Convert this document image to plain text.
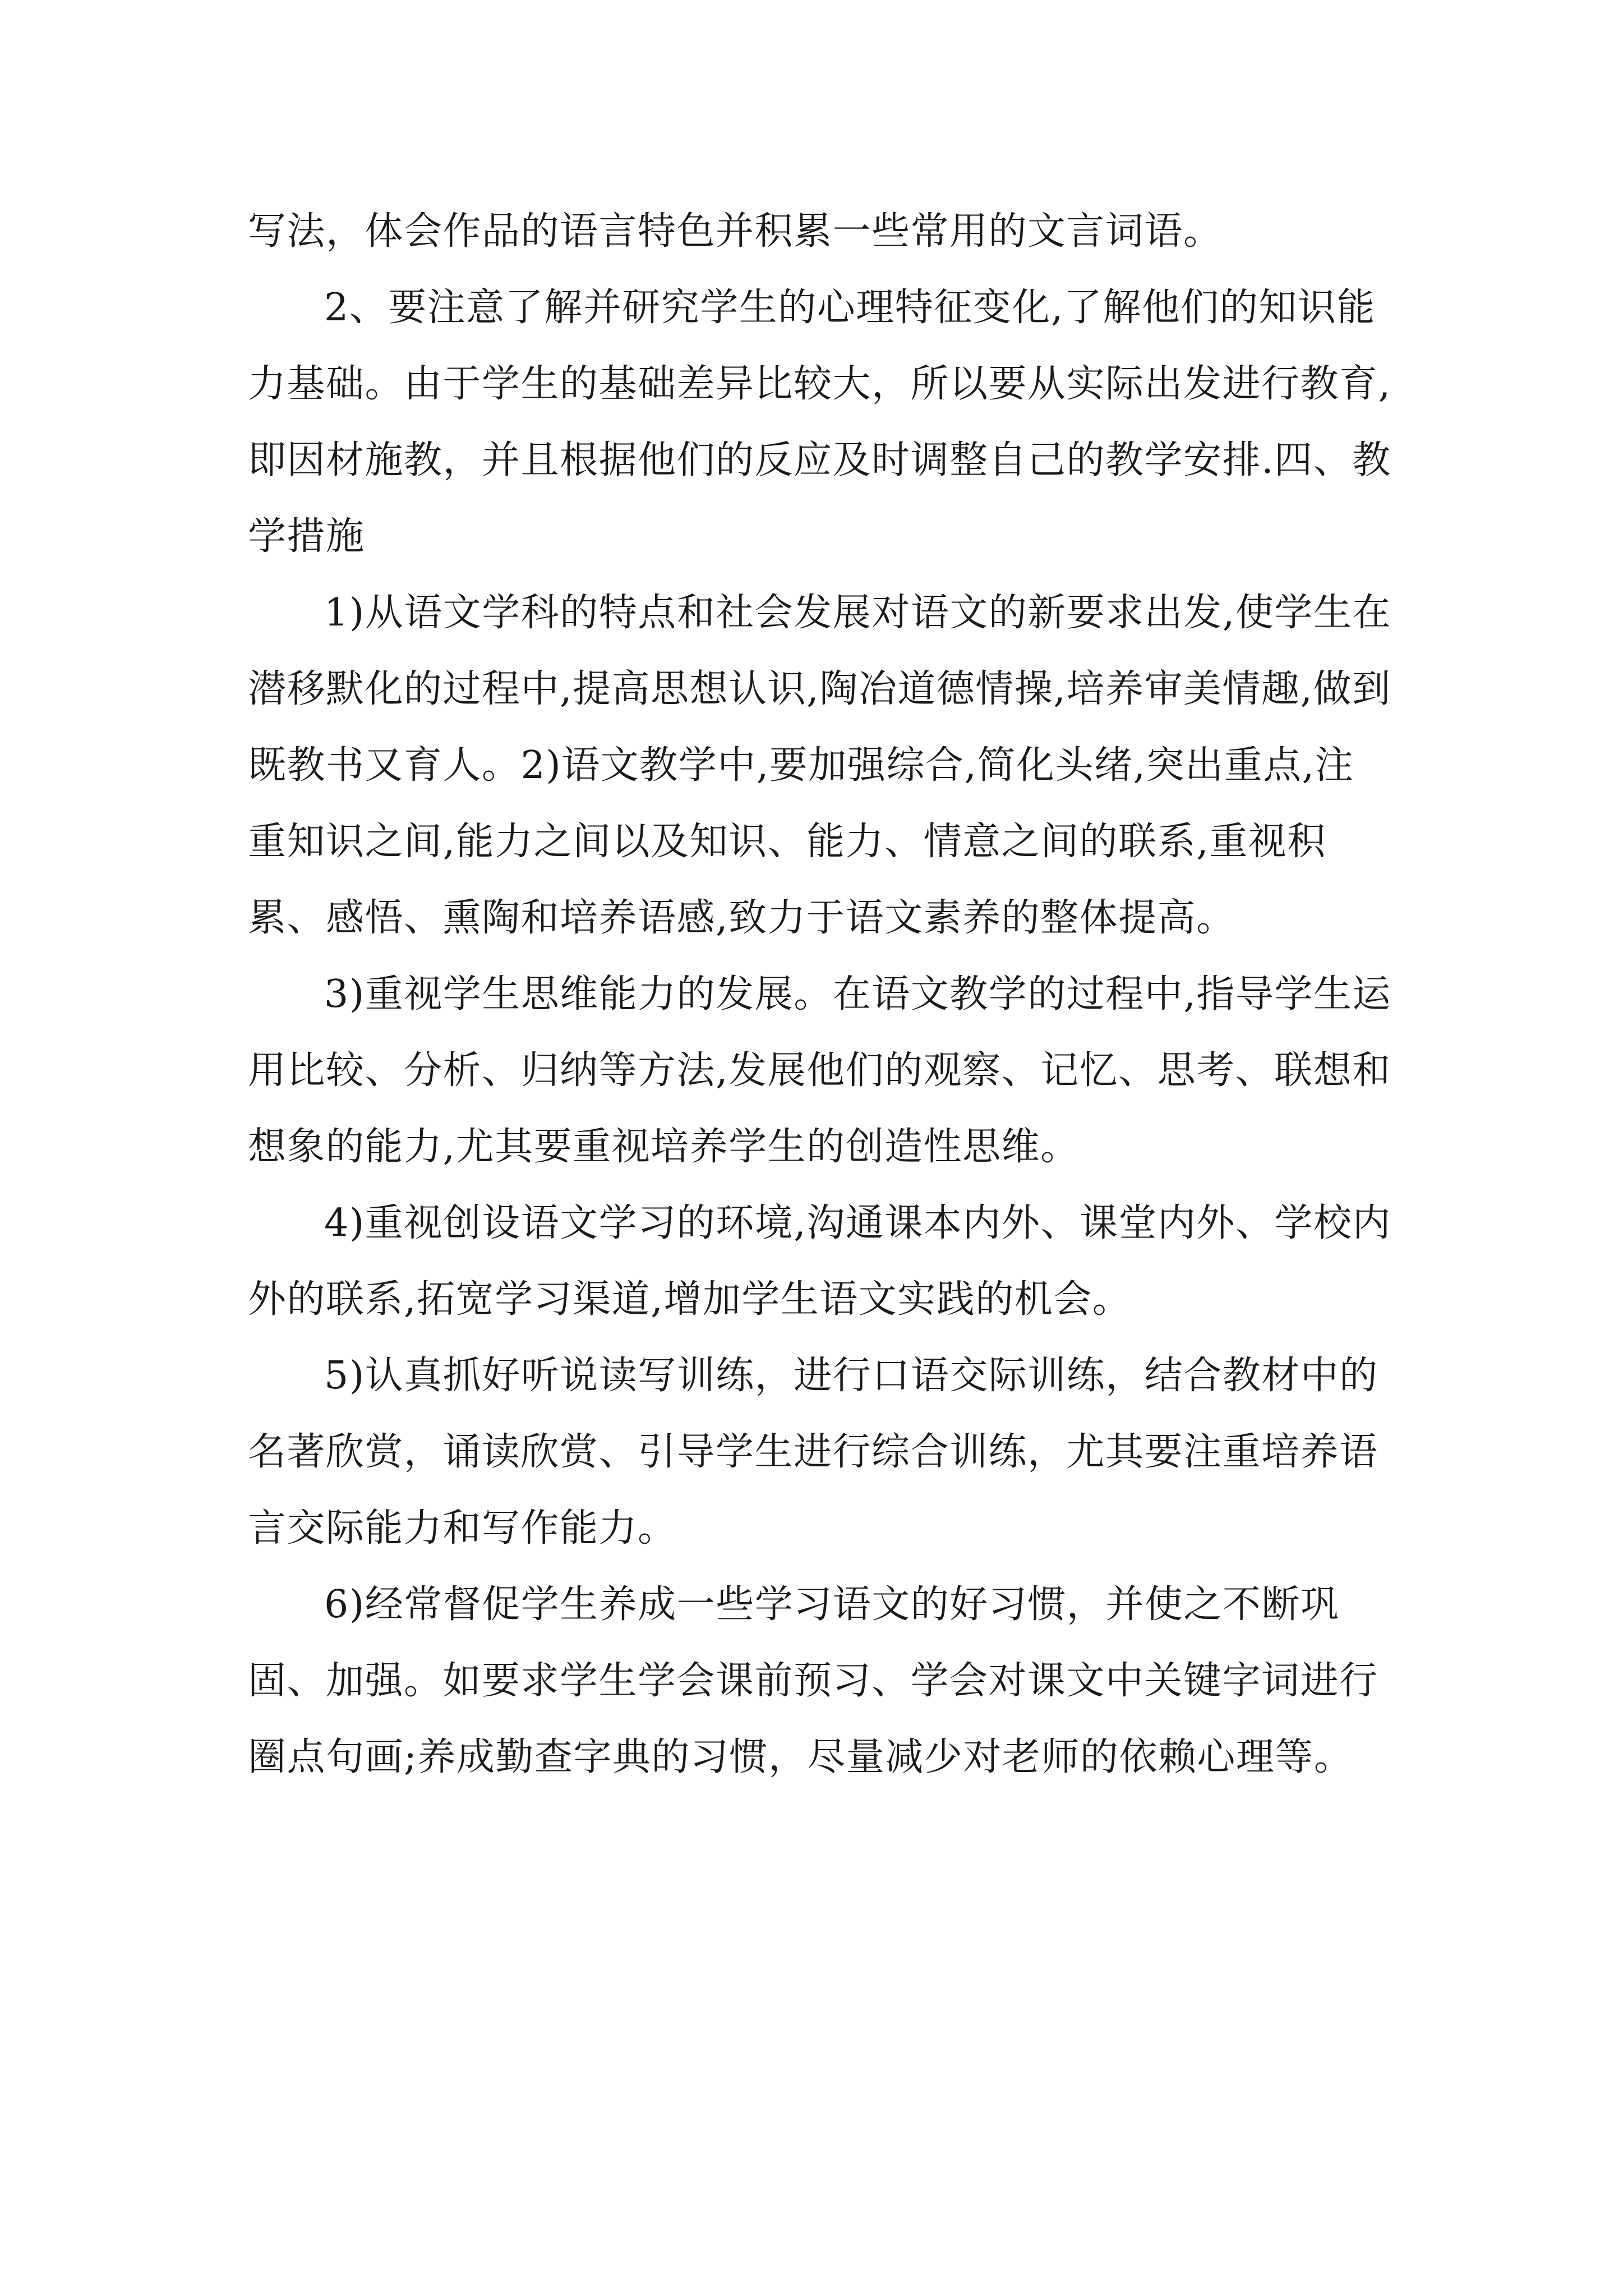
写法，体会作品的语言特色并积累一些常用的文言词语。

2、要注意了解并研究学生的心理特征变化,了解他们的知识能力基础。由于学生的基础差异比较大，所以要从实际出发进行教育,即因材施教，并且根据他们的反应及时调整自己的教学安排.四、教学措施

1)从语文学科的特点和社会发展对语文的新要求出发,使学生在潜移默化的过程中,提高思想认识,陶冶道德情操,培养审美情趣,做到既教书又育人。2)语文教学中,要加强综合,简化头绪,突出重点,注重知识之间,能力之间以及知识、能力、情意之间的联系,重视积累、感悟、熏陶和培养语感,致力于语文素养的整体提高。

3)重视学生思维能力的发展。在语文教学的过程中,指导学生运用比较、分析、归纳等方法,发展他们的观察、记忆、思考、联想和想象的能力,尤其要重视培养学生的创造性思维。

4)重视创设语文学习的环境,沟通课本内外、课堂内外、学校内外的联系,拓宽学习渠道,增加学生语文实践的机会。

5)认真抓好听说读写训练，进行口语交际训练，结合教材中的名著欣赏，诵读欣赏、引导学生进行综合训练，尤其要注重培养语言交际能力和写作能力。

6)经常督促学生养成一些学习语文的好习惯，并使之不断巩固、加强。如要求学生学会课前预习、学会对课文中关键字词进行圈点句画;养成勤查字典的习惯，尽量减少对老师的依赖心理等。
